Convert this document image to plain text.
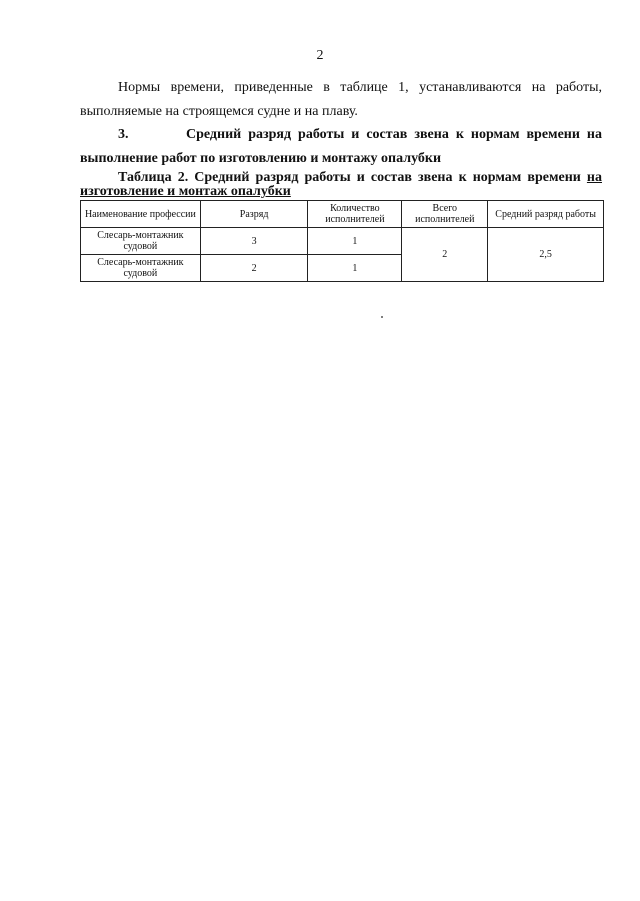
2

Нормы времени, приведенные в таблице 1, устанавливаются на работы, выполняемые на строящемся судне и на плаву.

3.	Средний разряд работы и состав звена к нормам времени на выполнение работ по изготовлению и монтажу опалубки

Таблица 2. Средний разряд работы и состав звена к нормам времени на изготовление и монтаж опалубки

Наименование профессии	Разряд	Количество исполнителей	Всего исполнителей	Средний разряд работы
Слесарь-монтажник судовой	3	1	2	2,5
Слесарь-монтажник судовой	2	1		
